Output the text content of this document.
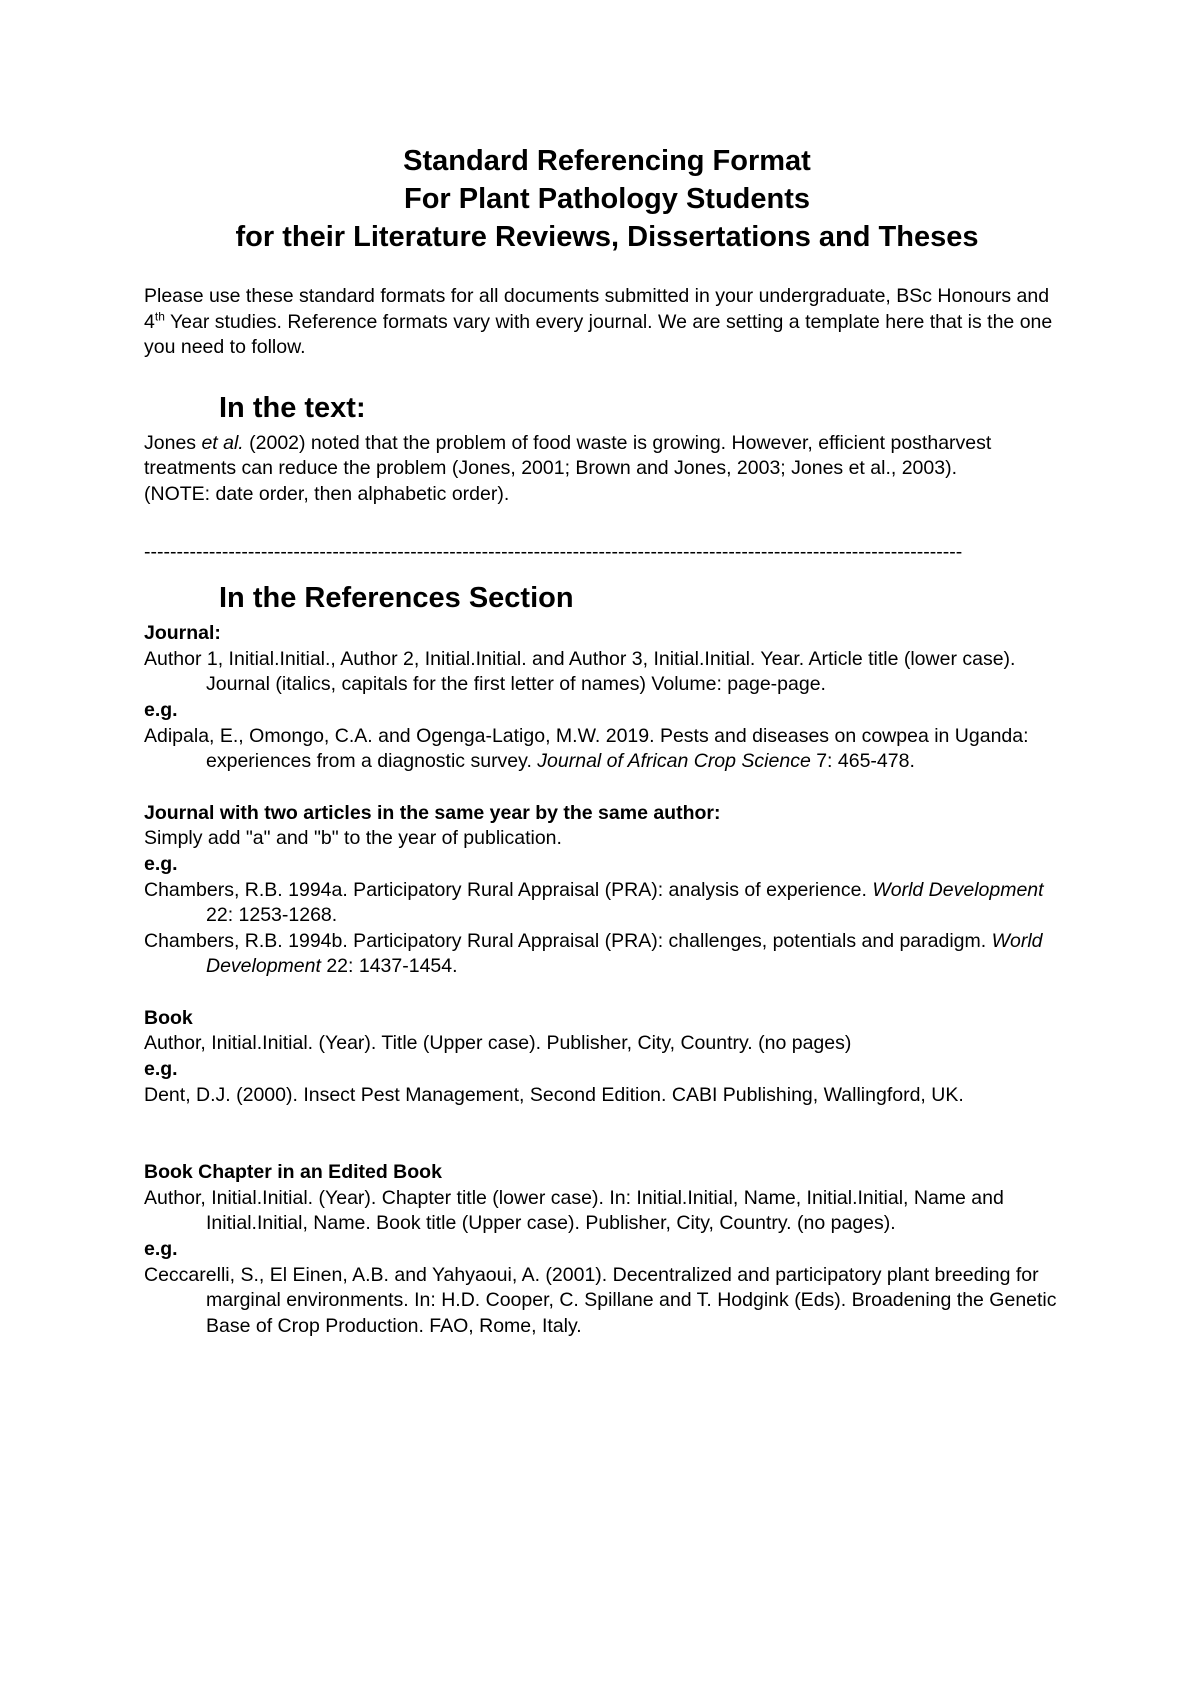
Standard Referencing Format
For Plant Pathology Students
for their Literature Reviews, Dissertations and Theses

Please use these standard formats for all documents submitted in your undergraduate, BSc Honours and 4th Year studies. Reference formats vary with every journal. We are setting a template here that is the one you need to follow.

In the text:

Jones et al. (2002) noted that the problem of food waste is growing. However, efficient postharvest treatments can reduce the problem (Jones, 2001; Brown and Jones, 2003; Jones et al., 2003).

(NOTE: date order, then alphabetic order).

------------------------------------------------------------------------------------------------------------------------------
In the References Section

Journal:

Author 1, Initial.Initial., Author 2, Initial.Initial. and Author 3, Initial.Initial. Year. Article title (lower case). Journal (italics, capitals for the first letter of names) Volume: page-page.

e.g.

Adipala, E., Omongo, C.A. and Ogenga-Latigo, M.W. 2019. Pests and diseases on cowpea in Uganda: experiences from a diagnostic survey. Journal of African Crop Science 7: 465-478.

Journal with two articles in the same year by the same author:

Simply add "a" and "b" to the year of publication.

e.g.

Chambers, R.B. 1994a. Participatory Rural Appraisal (PRA): analysis of experience. World Development 22: 1253-1268.

Chambers, R.B. 1994b. Participatory Rural Appraisal (PRA): challenges, potentials and paradigm. World Development 22: 1437-1454.

Book

Author, Initial.Initial. (Year). Title (Upper case). Publisher, City, Country. (no pages)

e.g.

Dent, D.J. (2000). Insect Pest Management, Second Edition. CABI Publishing, Wallingford, UK.

Book Chapter in an Edited Book

Author, Initial.Initial. (Year). Chapter title (lower case). In: Initial.Initial, Name, Initial.Initial, Name and Initial.Initial, Name. Book title (Upper case). Publisher, City, Country. (no pages).

e.g.

Ceccarelli, S., El Einen, A.B. and Yahyaoui, A. (2001). Decentralized and participatory plant breeding for marginal environments. In: H.D. Cooper, C. Spillane and T. Hodgink (Eds). Broadening the Genetic Base of Crop Production. FAO, Rome, Italy.
